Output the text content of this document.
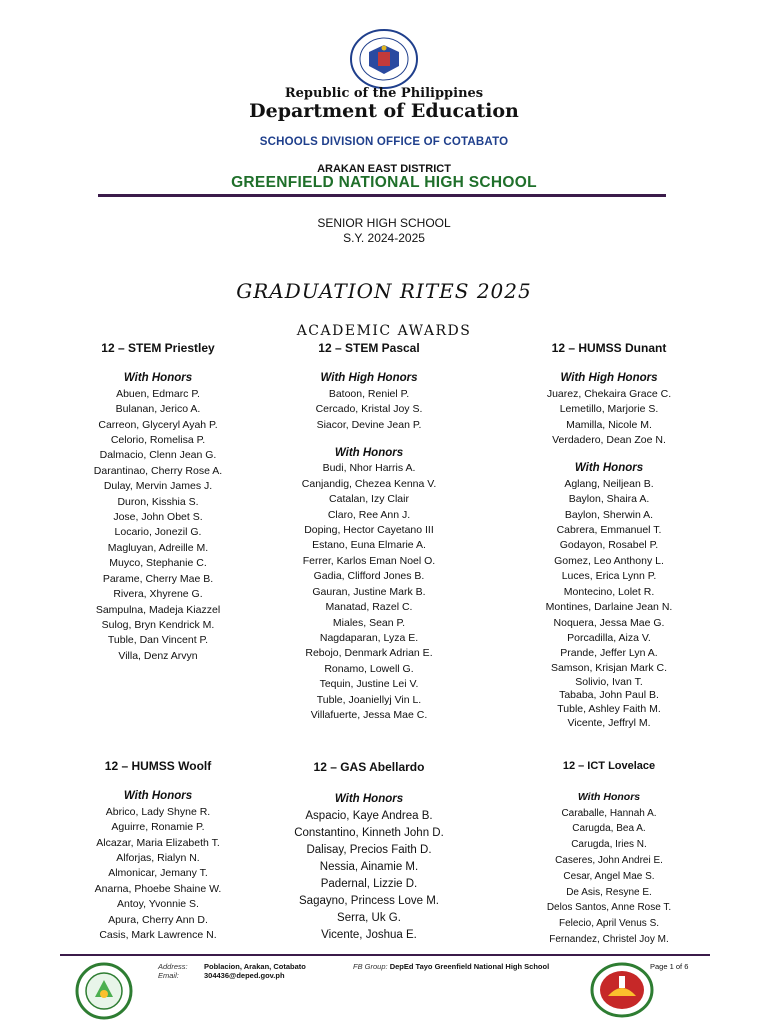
Republic of the Philippines
Department of Education
SCHOOLS DIVISION OFFICE OF COTABATO
ARAKAN EAST DISTRICT
GREENFIELD NATIONAL HIGH SCHOOL
SENIOR HIGH SCHOOL
S.Y. 2024-2025
GRADUATION RITES 2025
ACADEMIC AWARDS
12 – STEM Priestley
With Honors
Abuen, Edmarc P.
Bulanan, Jerico A.
Carreon, Glyceryl Ayah P.
Celorio, Romelisa P.
Dalmacio, Clenn Jean G.
Darantinao, Cherry Rose A.
Dulay, Mervin James J.
Duron, Kisshia S.
Jose, John Obet S.
Locario, Jonezil G.
Magluyan, Adreille M.
Muyco, Stephanie C.
Parame, Cherry Mae B.
Rivera, Xhyrene G.
Sampulna, Madeja Kiazzel
Sulog, Bryn Kendrick M.
Tuble, Dan Vincent P.
Villa, Denz Arvyn
12 – STEM Pascal
With High Honors
Batoon, Reniel P.
Cercado, Kristal Joy S.
Siacor, Devine Jean P.
With Honors
Budi, Nhor Harris A.
Canjandig, Chezea Kenna V.
Catalan, Izy Clair
Claro, Ree Ann J.
Doping, Hector Cayetano III
Estano, Euna Elmarie A.
Ferrer, Karlos Eman Noel O.
Gadia, Clifford Jones B.
Gauran, Justine Mark B.
Manatad, Razel C.
Miales, Sean P.
Nagdaparan, Lyza E.
Rebojo, Denmark Adrian E.
Ronamo, Lowell G.
Tequin, Justine Lei V.
Tuble, Joaniellyj Vin L.
Villafuerte, Jessa Mae C.
12 – HUMSS Dunant
With High Honors
Juarez, Chekaira Grace C.
Lemetillo, Marjorie S.
Mamilla, Nicole M.
Verdadero, Dean Zoe N.
With Honors
Aglang, Neiljean B.
Baylon, Shaira A.
Baylon, Sherwin A.
Cabrera, Emmanuel T.
Godayon, Rosabel P.
Gomez, Leo Anthony L.
Luces, Erica Lynn P.
Montecino, Lolet R.
Montines, Darlaine Jean N.
Noquera, Jessa Mae G.
Porcadilla, Aiza V.
Prande, Jeffer Lyn A.
Samson, Krisjan Mark C.
Solivio, Ivan T.
Tababa, John Paul B.
Tuble, Ashley Faith M.
Vicente, Jeffryl M.
12 – HUMSS Woolf
With Honors
Abrico, Lady Shyne R.
Aguirre, Ronamie P.
Alcazar, Maria Elizabeth T.
Alforjas, Rialyn N.
Almonicar, Jemany T.
Anarna, Phoebe Shaine W.
Antoy, Yvonnie S.
Apura, Cherry Ann D.
Casis, Mark Lawrence N.
12 – GAS Abellardo
With Honors
Aspacio, Kaye Andrea B.
Constantino, Kinneth John D.
Dalisay, Precios Faith D.
Nessia, Ainamie M.
Padernal, Lizzie D.
Sagayno, Princess Love M.
Serra, Uk G.
Vicente, Joshua E.
12 – ICT Lovelace
With Honors
Caraballe, Hannah A.
Carugda, Bea A.
Carugda, Iries N.
Caseres, John Andrei E.
Cesar, Angel Mae S.
De Asis, Resyne E.
Delos Santos, Anne Rose T.
Felecio, April Venus S.
Fernandez, Christel Joy M.
Address:
Email:
Poblacion, Arakan, Cotabato
304436@deped.gov.ph
FB Group: DepEd Tayo Greenfield National High School	Page 1 of 6
